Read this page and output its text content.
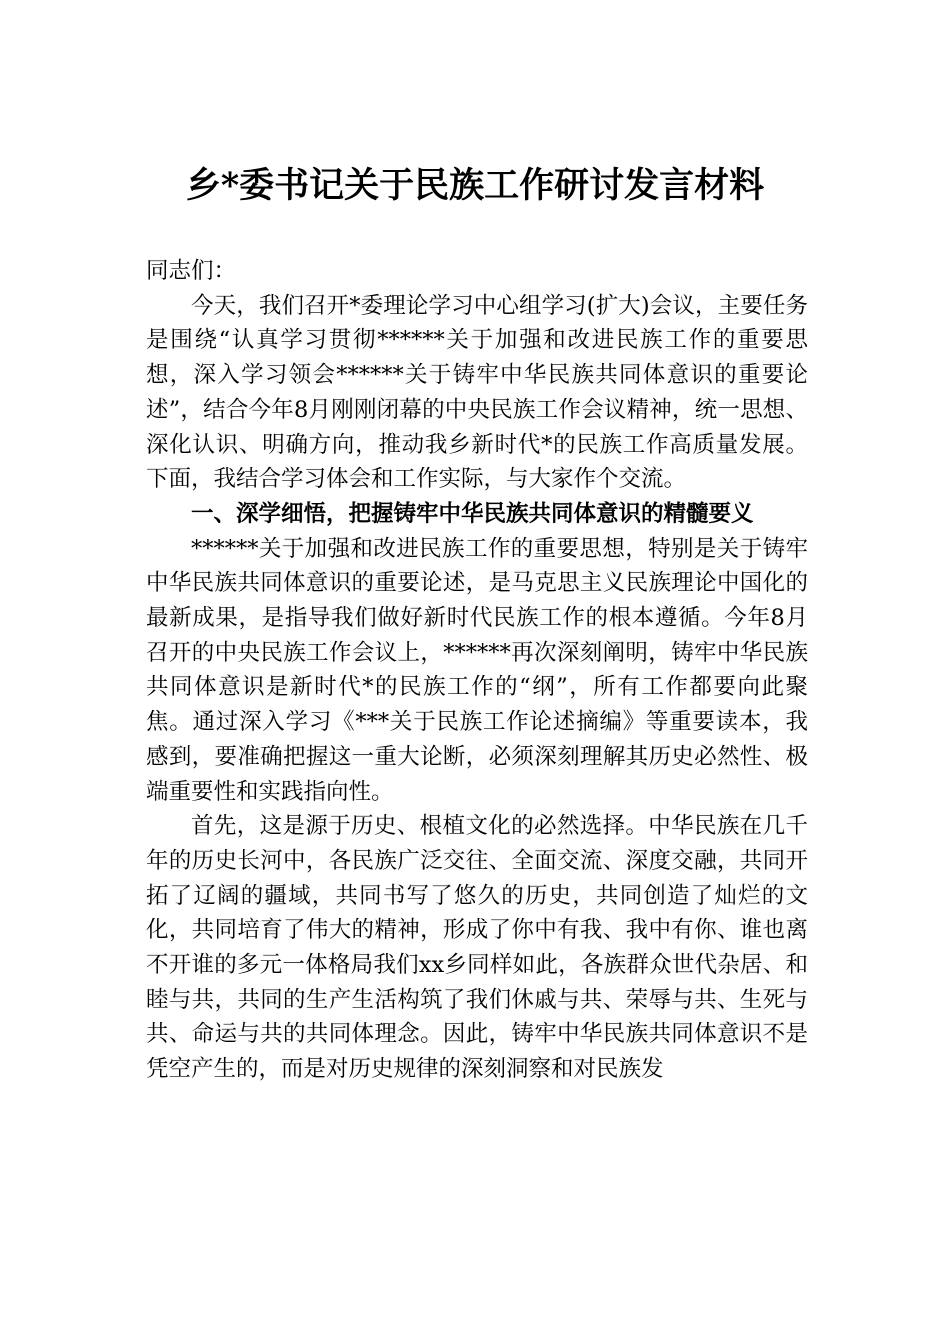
乡*委书记关于民族工作研讨发言材料

同志们：

今天，我们召开*委理论学习中心组学习(扩大)会议，主要任务是围绕“认真学习贯彻******关于加强和改进民族工作的重要思想，深入学习领会******关于铸牢中华民族共同体意识的重要论述”，结合今年8月刚刚闭幕的中央民族工作会议精神，统一思想、深化认识、明确方向，推动我乡新时代*的民族工作高质量发展。下面，我结合学习体会和工作实际，与大家作个交流。

一、深学细悟，把握铸牢中华民族共同体意识的精髓要义

******关于加强和改进民族工作的重要思想，特别是关于铸牢中华民族共同体意识的重要论述，是马克思主义民族理论中国化的最新成果，是指导我们做好新时代民族工作的根本遵循。今年8月召开的中央民族工作会议上，******再次深刻阐明，铸牢中华民族共同体意识是新时代*的民族工作的“纲”，所有工作都要向此聚焦。通过深入学习《***关于民族工作论述摘编》等重要读本，我感到，要准确把握这一重大论断，必须深刻理解其历史必然性、极端重要性和实践指向性。

首先，这是源于历史、根植文化的必然选择。中华民族在几千年的历史长河中，各民族广泛交往、全面交流、深度交融，共同开拓了辽阔的疆域，共同书写了悠久的历史，共同创造了灿烂的文化，共同培育了伟大的精神，形成了你中有我、我中有你、谁也离不开谁的多元一体格局我们xx乡同样如此，各族群众世代杂居、和睦与共，共同的生产生活构筑了我们休戚与共、荣辱与共、生死与共、命运与共的共同体理念。因此，铸牢中华民族共同体意识不是凭空产生的，而是对历史规律的深刻洞察和对民族发
